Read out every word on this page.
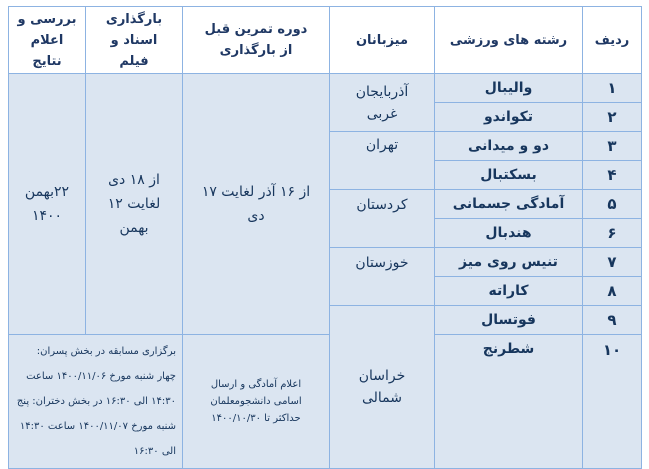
ردیف	رشته های ورزشی	میزبانان	دوره تمرین قبل از بارگذاری	بارگذاری اسناد و فیلم	بررسی و اعلام نتایج
۱	والیبال	آذربایجان غربی	از ۱۶ آذر لغایت ۱۷ دی	از ۱۸ دی لغایت ۱۲ بهمن	۲۲بهمن ۱۴۰۰
۲	تکواندو				
۳	دو و میدانی	تهران			
۴	بسکتبال				
۵	آمادگی جسمانی	کردستان			
۶	هندبال				
۷	تنیس روی میز	خوزستان			
۸	کاراته				
۹	فوتسال	خراسان شمالی			
۱۰	شطرنج		اعلام آمادگی و ارسال اسامی دانشجومعلمان حداکثر تا ۱۴۰۰/۱۰/۳۰	برگزاری مسابقه در بخش پسران: چهار شنبه مورخ ۱۴۰۰/۱۱/۰۶ ساعت ۱۴:۳۰ الی ۱۶:۳۰ در بخش دختران: پنج شنبه مورخ ۱۴۰۰/۱۱/۰۷ ساعت ۱۴:۳۰ الی ۱۶:۳۰	
